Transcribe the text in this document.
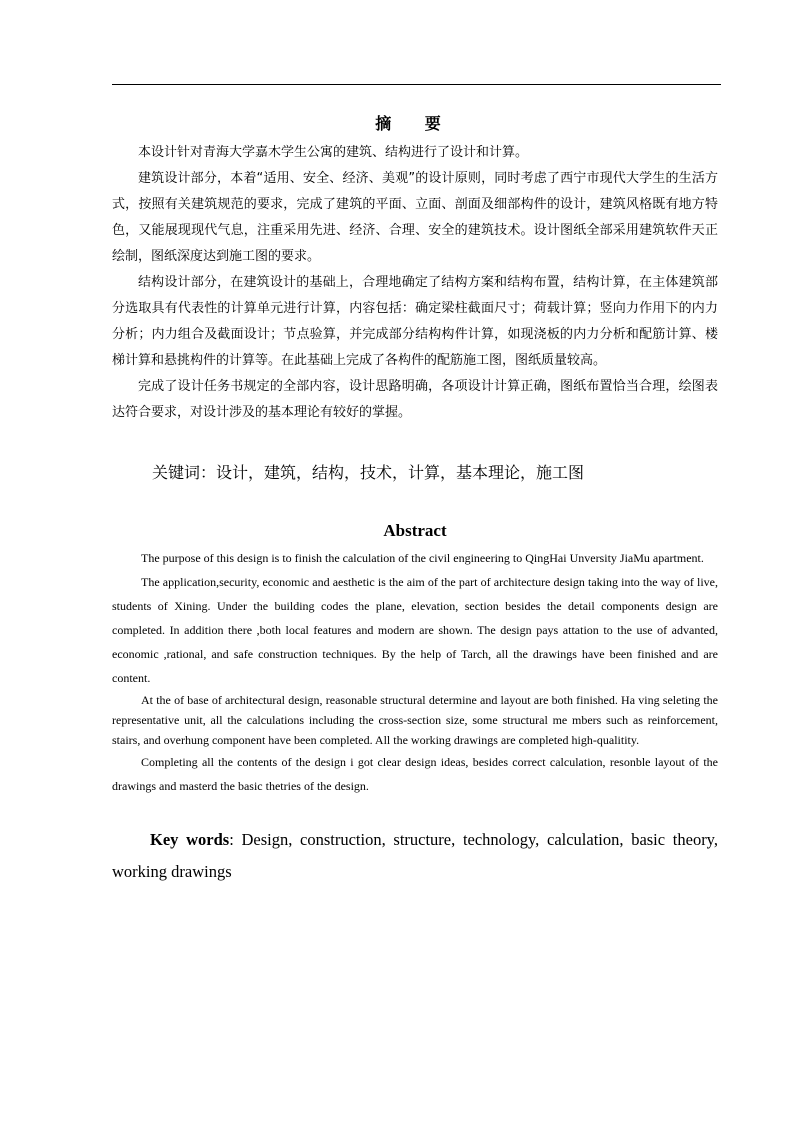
摘 要

本设计针对青海大学嘉木学生公寓的建筑、结构进行了设计和计算。

建筑设计部分，本着“适用、安全、经济、美观”的设计原则，同时考虑了西宁市现代大学生的生活方式，按照有关建筑规范的要求，完成了建筑的平面、立面、剖面及细部构件的设计，建筑风格既有地方特色，又能展现现代气息，注重采用先进、经济、合理、安全的建筑技术。设计图纸全部采用建筑软件天正绘制，图纸深度达到施工图的要求。

结构设计部分，在建筑设计的基础上，合理地确定了结构方案和结构布置，结构计算，在主体建筑部分选取具有代表性的计算单元进行计算，内容包括：确定梁柱截面尺寸；荷载计算；竖向力作用下的内力分析；内力组合及截面设计；节点验算，并完成部分结构构件计算，如现浇板的内力分析和配筋计算、楼梯计算和悬挑构件的计算等。在此基础上完成了各构件的配筋施工图，图纸质量较高。

完成了设计任务书规定的全部内容，设计思路明确，各项设计计算正确，图纸布置恰当合理，绘图表达符合要求，对设计涉及的基本理论有较好的掌握。

关键词：设计，建筑，结构，技术，计算，基本理论，施工图
Abstract

The purpose of this design is to finish the calculation of the civil engineering to QingHai Unversity JiaMu apartment.

The application,security, economic and aesthetic is the aim of the part of architecture design taking into the way of live, students of Xining. Under the building codes the plane, elevation, section besides the detail components design are completed. In addition there ,both local features and modern are shown. The design pays attation to the use of advanted, economic ,rational, and safe construction techniques. By the help of Tarch, all the drawings have been finished and are content.

At the of base of architectural design, reasonable structural determine and layout are both finished. Ha ving seleting the representative unit, all the calculations including the cross-section size, some structural me mbers such as reinforcement, stairs, and overhung component have been completed. All the working drawings are completed high-qualitity.

Completing all the contents of the design i got clear design ideas, besides correct calculation, resonble layout of the drawings and masterd the basic thetries of the design.

Key words: Design, construction, structure, technology, calculation, basic theory, working drawings
